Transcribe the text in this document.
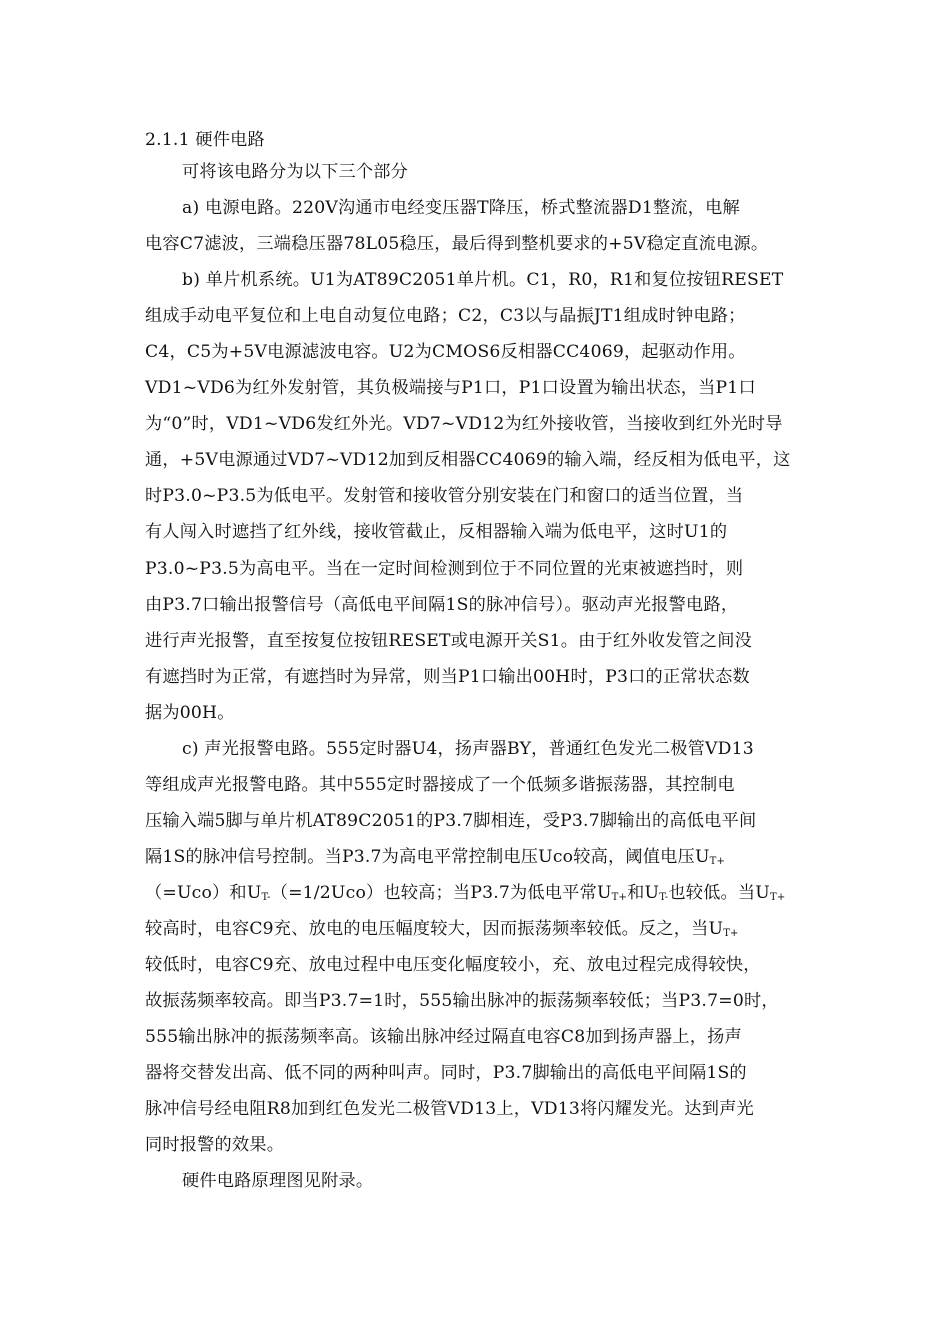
2.1.1 硬件电路
可将该电路分为以下三个部分
a) 电源电路。220V沟通市电经变压器T降压，桥式整流器D1整流，电解
电容C7滤波，三端稳压器78L05稳压，最后得到整机要求的+5V稳定直流电源。
b) 单片机系统。U1为AT89C2051单片机。C1，R0，R1和复位按钮RESET
组成手动电平复位和上电自动复位电路；C2，C3以与晶振JT1组成时钟电路；
C4，C5为+5V电源滤波电容。U2为CMOS6反相器CC4069，起驱动作用。
VD1~VD6为红外发射管，其负极端接与P1口，P1口设置为输出状态，当P1口
为“0”时，VD1~VD6发红外光。VD7~VD12为红外接收管，当接收到红外光时导
通，+5V电源通过VD7~VD12加到反相器CC4069的输入端，经反相为低电平，这
时P3.0~P3.5为低电平。发射管和接收管分别安装在门和窗口的适当位置，当
有人闯入时遮挡了红外线，接收管截止，反相器输入端为低电平，这时U1的
P3.0~P3.5为高电平。当在一定时间检测到位于不同位置的光束被遮挡时，则
由P3.7口输出报警信号（高低电平间隔1S的脉冲信号）。驱动声光报警电路，
进行声光报警，直至按复位按钮RESET或电源开关S1。由于红外收发管之间没
有遮挡时为正常，有遮挡时为异常，则当P1口输出00H时，P3口的正常状态数
据为00H。
c) 声光报警电路。555定时器U4，扬声器BY，普通红色发光二极管VD13
等组成声光报警电路。其中555定时器接成了一个低频多谐振荡器，其控制电
压输入端5脚与单片机AT89C2051的P3.7脚相连，受P3.7脚输出的高低电平间
隔1S的脉冲信号控制。当P3.7为高电平常控制电压Uco较高，阈值电压$U_{T+}$
（=Uco）和$U_{T-}(=1/2Uco)$也较高；当P3.7为低电平常$U_{T+}$和$U_{T-}$也较低。当$U_{T+}$
较高时，电容C9充、放电的电压幅度较大，因而振荡频率较低。反之，当$U_{T+}$
较低时，电容C9充、放电过程中电压变化幅度较小，充、放电过程完成得较快，
故振荡频率较高。即当P3.7=1时，555输出脉冲的振荡频率较低；当P3.7=0时，
555输出脉冲的振荡频率高。该输出脉冲经过隔直电容C8加到扬声器上，扬声
器将交替发出高、低不同的两种叫声。同时，P3.7脚输出的高低电平间隔1S的
脉冲信号经电阻R8加到红色发光二极管VD13上，VD13将闪耀发光。达到声光
同时报警的效果。
硬件电路原理图见附录。
